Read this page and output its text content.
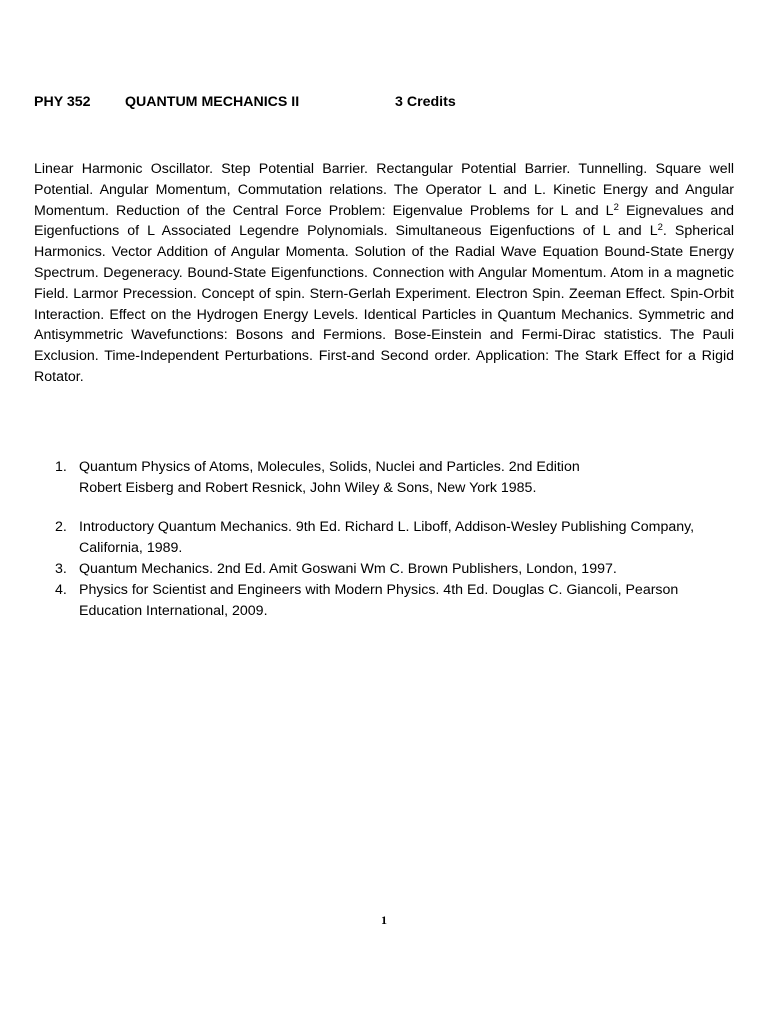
PHY 352 QUANTUM MECHANICS II	3 Credits

Linear Harmonic Oscillator. Step Potential Barrier. Rectangular Potential Barrier. Tunnelling. Square well Potential. Angular Momentum, Commutation relations. The Operator L and L. Kinetic Energy and Angular Momentum. Reduction of the Central Force Problem: Eigenvalue Problems for L and $L^2$ Eignevalues and Eigenfuctions of L Associated Legendre Polynomials. Simultaneous Eigenfuctions of L and $L^2$. Spherical Harmonics. Vector Addition of Angular Momenta. Solution of the Radial Wave Equation Bound-State Energy Spectrum. Degeneracy. Bound-State Eigenfunctions. Connection with Angular Momentum. Atom in a magnetic Field. Larmor Precession. Concept of spin. Stern-Gerlah Experiment. Electron Spin. Zeeman Effect. Spin-Orbit Interaction. Effect on the Hydrogen Energy Levels. Identical Particles in Quantum Mechanics. Symmetric and Antisymmetric Wavefunctions: Bosons and Fermions. Bose-Einstein and Fermi-Dirac statistics. The Pauli Exclusion. Time-Independent Perturbations. First-and Second order. Application: The Stark Effect for a Rigid Rotator.

1. Quantum Physics of Atoms, Molecules, Solids, Nuclei and Particles. 2nd Edition
Robert Eisberg and Robert Resnick, John Wiley & Sons, New York 1985.
2. Introductory Quantum Mechanics. 9th Ed. Richard L. Liboff, Addison-Wesley Publishing Company, California, 1989.
3. Quantum Mechanics. 2nd Ed. Amit Goswani Wm C. Brown Publishers, London, 1997.
4. Physics for Scientist and Engineers with Modern Physics. 4th Ed. Douglas C. Giancoli, Pearson Education International, 2009.
1
